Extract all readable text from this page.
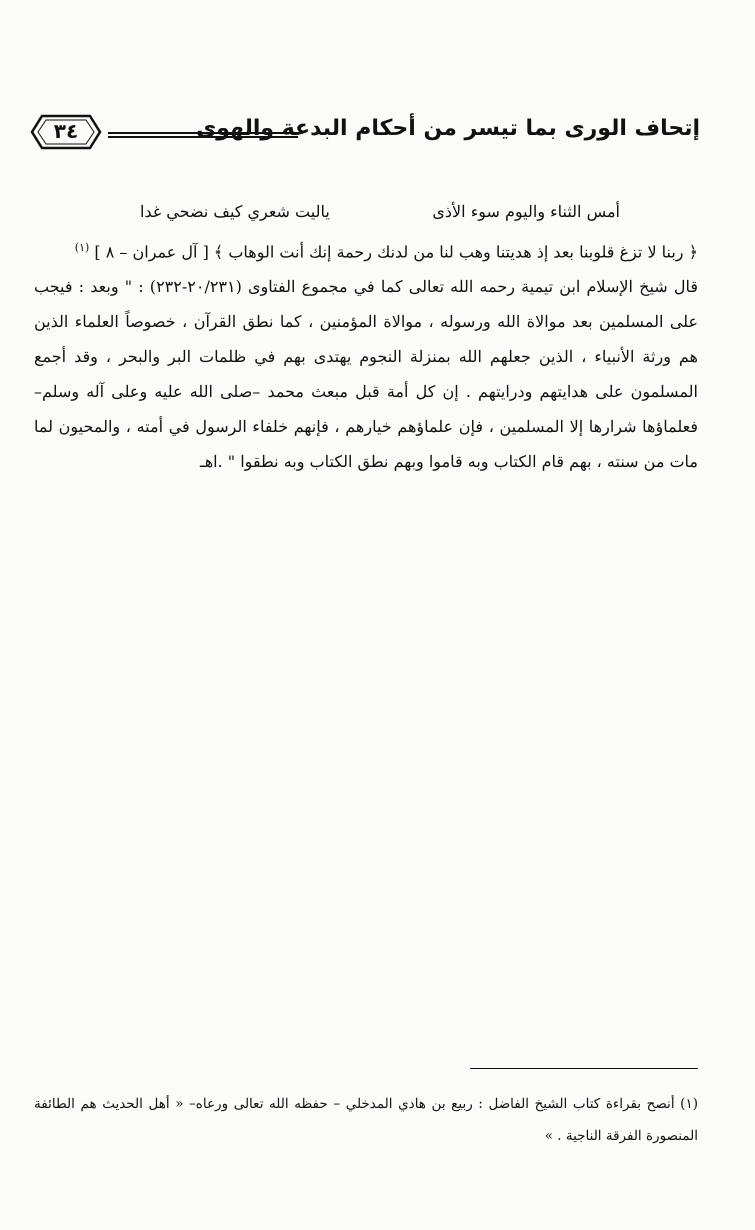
إتحاف الورى بما تيسر من أحكام البدعة والهوى
٣٤
أمس الثناء واليوم سوء الأذى
ياليت شعري كيف نضحي غدا

﴿ ربنا لا تزغ قلوبنا بعد إذ هديتنا وهب لنا من لدنك رحمة إنك أنت الوهاب ﴾ [ آل عمران – ٨ ] $^{(١)}$

قال شيخ الإسلام ابن تيمية رحمه الله تعالى كما في مجموع الفتاوى (٢٠/٢٣١-٢٣٢) : " وبعد : فيجب على المسلمين بعد موالاة الله ورسوله ، موالاة المؤمنين ، كما نطق القرآن ، خصوصاً العلماء الذين هم ورثة الأنبياء ، الذين جعلهم الله بمنزلة النجوم يهتدى بهم في ظلمات البر والبحر ، وقد أجمع المسلمون على هدايتهم ودرايتهم . إن كل أمة قبل مبعث محمد –صلى الله عليه وعلى آله وسلم– فعلماؤها شرارها إلا المسلمين ، فإن علماؤهم خيارهم ، فإنهم خلفاء الرسول في أمته ، والمحيون لما مات من سنته ، بهم قام الكتاب وبه قاموا وبهم نطق الكتاب وبه نطقوا " .اهـ

(١) أنصح بقراءة كتاب الشيخ الفاضل : ربيع بن هادي المدخلي – حفظه الله تعالى ورعاه– « أهل الحديث هم الطائفة المنصورة الفرقة الناجية . »
